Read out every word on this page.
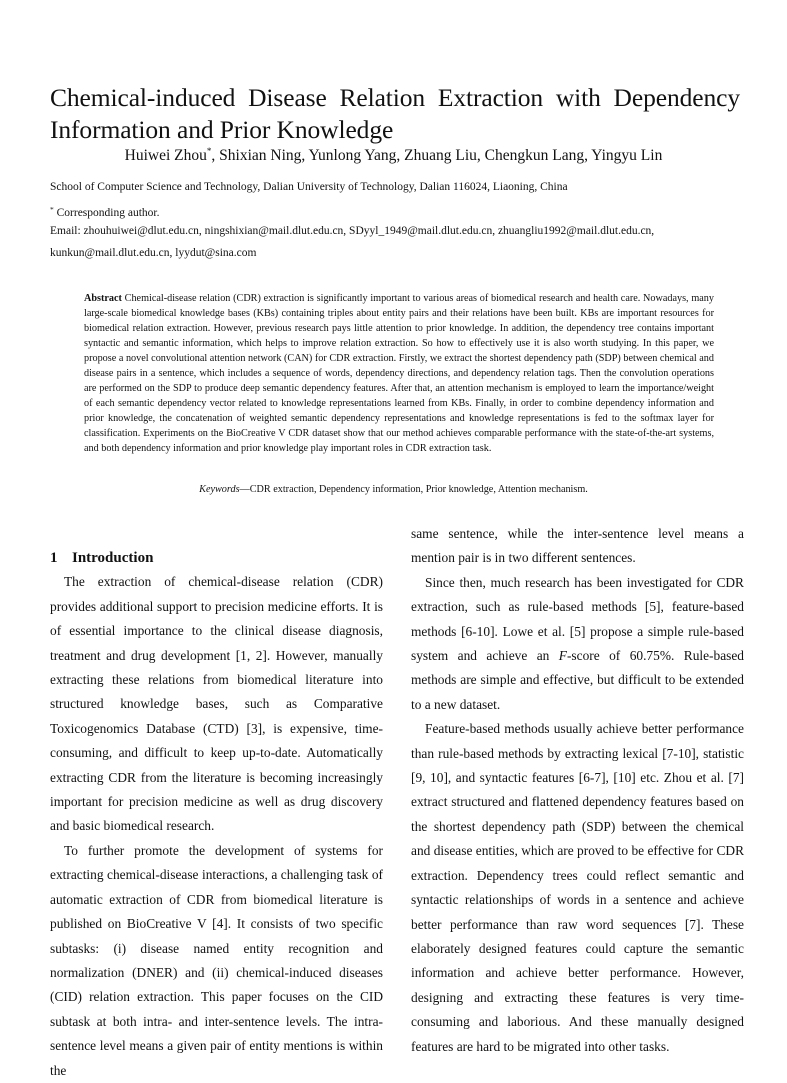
Chemical-induced Disease Relation Extraction with Dependency Information and Prior Knowledge
Huiwei Zhou*, Shixian Ning, Yunlong Yang, Zhuang Liu, Chengkun Lang, Yingyu Lin
School of Computer Science and Technology, Dalian University of Technology, Dalian 116024, Liaoning, China
* Corresponding author.
Email: zhouhuiwei@dlut.edu.cn, ningshixian@mail.dlut.edu.cn, SDyyl_1949@mail.dlut.edu.cn, zhuangliu1992@mail.dlut.edu.cn,
kunkun@mail.dlut.edu.cn, lyydut@sina.com

Abstract Chemical-disease relation (CDR) extraction is significantly important to various areas of biomedical research and health care. Nowadays, many large-scale biomedical knowledge bases (KBs) containing triples about entity pairs and their relations have been built. KBs are important resources for biomedical relation extraction. However, previous research pays little attention to prior knowledge. In addition, the dependency tree contains important syntactic and semantic information, which helps to improve relation extraction. So how to effectively use it is also worth studying. In this paper, we propose a novel convolutional attention network (CAN) for CDR extraction. Firstly, we extract the shortest dependency path (SDP) between chemical and disease pairs in a sentence, which includes a sequence of words, dependency directions, and dependency relation tags. Then the convolution operations are performed on the SDP to produce deep semantic dependency features. After that, an attention mechanism is employed to learn the importance/weight of each semantic dependency vector related to knowledge representations learned from KBs. Finally, in order to combine dependency information and prior knowledge, the concatenation of weighted semantic dependency representations and knowledge representations is fed to the softmax layer for classification. Experiments on the BioCreative V CDR dataset show that our method achieves comparable performance with the state-of-the-art systems, and both dependency information and prior knowledge play important roles in CDR extraction task.

Keywords—CDR extraction, Dependency information, Prior knowledge, Attention mechanism.
1 Introduction

The extraction of chemical-disease relation (CDR) provides additional support to precision medicine efforts. It is of essential importance to the clinical disease diagnosis, treatment and drug development [1, 2]. However, manually extracting these relations from biomedical literature into structured knowledge bases, such as Comparative Toxicogenomics Database (CTD) [3], is expensive, time-consuming, and difficult to keep up-to-date. Automatically extracting CDR from the literature is becoming increasingly important for precision medicine as well as drug discovery and basic biomedical research.

To further promote the development of systems for extracting chemical-disease interactions, a challenging task of automatic extraction of CDR from biomedical literature is published on BioCreative V [4]. It consists of two specific subtasks: (i) disease named entity recognition and normalization (DNER) and (ii) chemical-induced diseases (CID) relation extraction. This paper focuses on the CID subtask at both intra- and inter-sentence levels. The intra-sentence level means a given pair of entity mentions is within the

same sentence, while the inter-sentence level means a mention pair is in two different sentences.

Since then, much research has been investigated for CDR extraction, such as rule-based methods [5], feature-based methods [6-10]. Lowe et al. [5] propose a simple rule-based system and achieve an F-score of 60.75%. Rule-based methods are simple and effective, but difficult to be extended to a new dataset.

Feature-based methods usually achieve better performance than rule-based methods by extracting lexical [7-10], statistic [9, 10], and syntactic features [6-7], [10] etc. Zhou et al. [7] extract structured and flattened dependency features based on the shortest dependency path (SDP) between the chemical and disease entities, which are proved to be effective for CDR extraction. Dependency trees could reflect semantic and syntactic relationships of words in a sentence and achieve better performance than raw word sequences [7]. These elaborately designed features could capture the semantic information and achieve better performance. However, designing and extracting these features is very time-consuming and laborious. And these manually designed features are hard to be migrated into other tasks.
